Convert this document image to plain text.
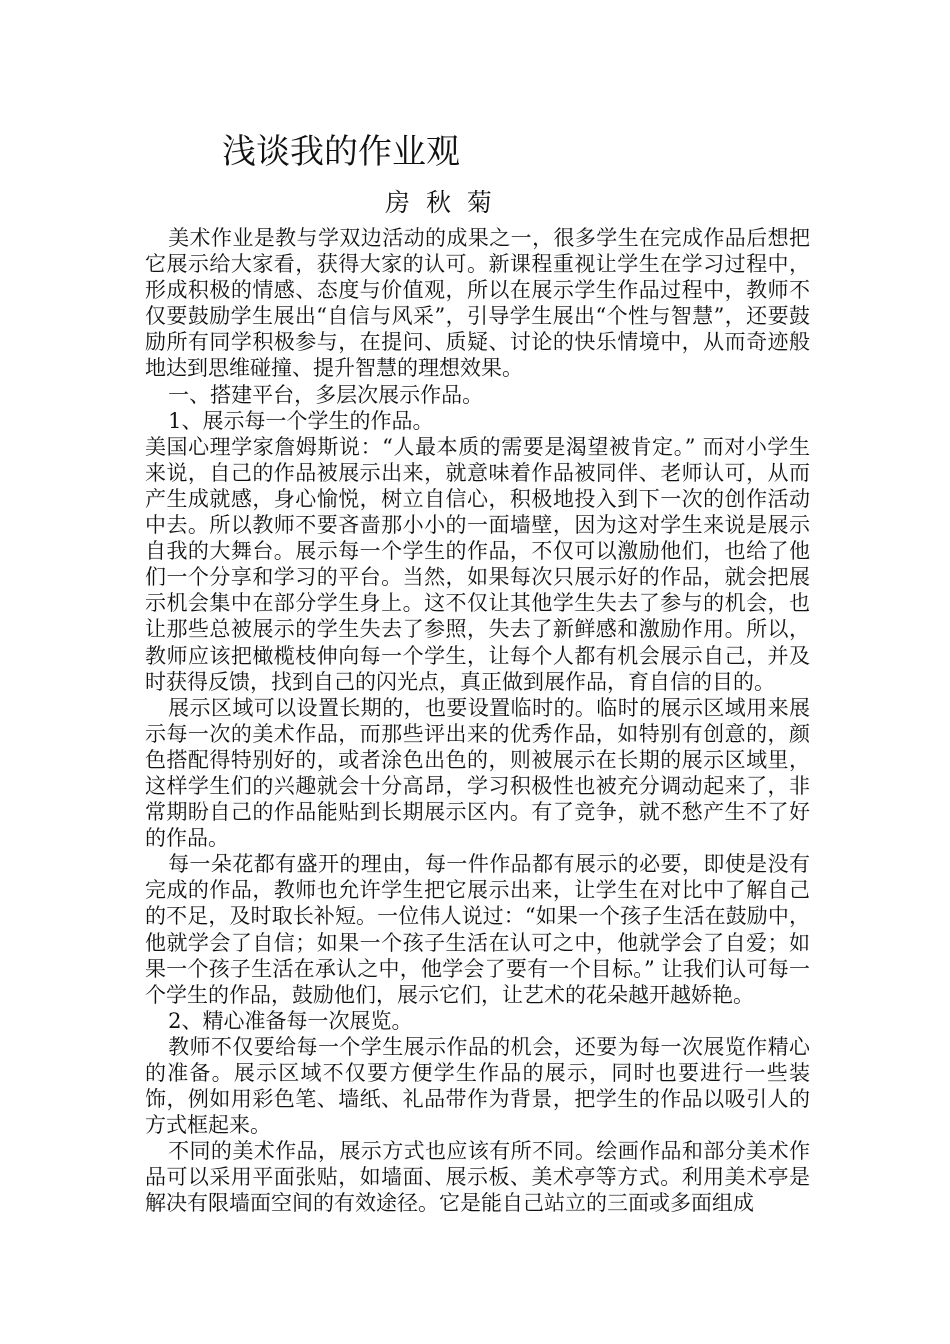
浅谈我的作业观
房 秋 菊

美术作业是教与学双边活动的成果之一，很多学生在完成作品后想把它展示给大家看，获得大家的认可。新课程重视让学生在学习过程中，形成积极的情感、态度与价值观，所以在展示学生作品过程中，教师不仅要鼓励学生展出“自信与风采”，引导学生展出“个性与智慧”，还要鼓励所有同学积极参与，在提问、质疑、讨论的快乐情境中，从而奇迹般地达到思维碰撞、提升智慧的理想效果。

一、搭建平台，多层次展示作品。

1、展示每一个学生的作品。

美国心理学家詹姆斯说：“人最本质的需要是渴望被肯定。” 而对小学生来说，自己的作品被展示出来，就意味着作品被同伴、老师认可，从而产生成就感，身心愉悦，树立自信心，积极地投入到下一次的创作活动中去。所以教师不要吝啬那小小的一面墙壁，因为这对学生来说是展示自我的大舞台。展示每一个学生的作品，不仅可以激励他们，也给了他们一个分享和学习的平台。当然，如果每次只展示好的作品，就会把展示机会集中在部分学生身上。这不仅让其他学生失去了参与的机会，也让那些总被展示的学生失去了参照，失去了新鲜感和激励作用。所以，教师应该把橄榄枝伸向每一个学生，让每个人都有机会展示自己，并及时获得反馈，找到自己的闪光点，真正做到展作品，育自信的目的。

展示区域可以设置长期的，也要设置临时的。临时的展示区域用来展示每一次的美术作品，而那些评出来的优秀作品，如特别有创意的，颜色搭配得特别好的，或者涂色出色的，则被展示在长期的展示区域里，这样学生们的兴趣就会十分高昂，学习积极性也被充分调动起来了，非常期盼自己的作品能贴到长期展示区内。有了竞争，就不愁产生不了好的作品。

每一朵花都有盛开的理由，每一件作品都有展示的必要，即使是没有完成的作品，教师也允许学生把它展示出来，让学生在对比中了解自己的不足，及时取长补短。一位伟人说过：“如果一个孩子生活在鼓励中，他就学会了自信；如果一个孩子生活在认可之中，他就学会了自爱；如果一个孩子生活在承认之中，他学会了要有一个目标。” 让我们认可每一个学生的作品，鼓励他们，展示它们，让艺术的花朵越开越娇艳。

2、精心准备每一次展览。

教师不仅要给每一个学生展示作品的机会，还要为每一次展览作精心的准备。展示区域不仅要方便学生作品的展示，同时也要进行一些装饰，例如用彩色笔、墙纸、礼品带作为背景，把学生的作品以吸引人的方式框起来。

不同的美术作品，展示方式也应该有所不同。绘画作品和部分美术作品可以采用平面张贴，如墙面、展示板、美术亭等方式。利用美术亭是解决有限墙面空间的有效途径。它是能自己站立的三面或多面组成
